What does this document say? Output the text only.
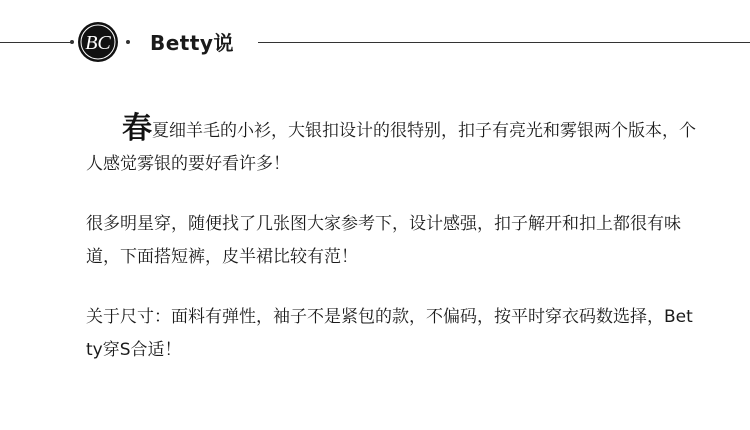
BC Betty说

春夏细羊毛的小衫，大银扣设计的很特别，扣子有亮光和雾银两个版本，个人感觉雾银的要好看许多！

很多明星穿，随便找了几张图大家参考下，设计感强，扣子解开和扣上都很有味道，下面搭短裤，皮半裙比较有范！

关于尺寸：面料有弹性，袖子不是紧包的款，不偏码，按平时穿衣码数选择，Betty穿S合适！
